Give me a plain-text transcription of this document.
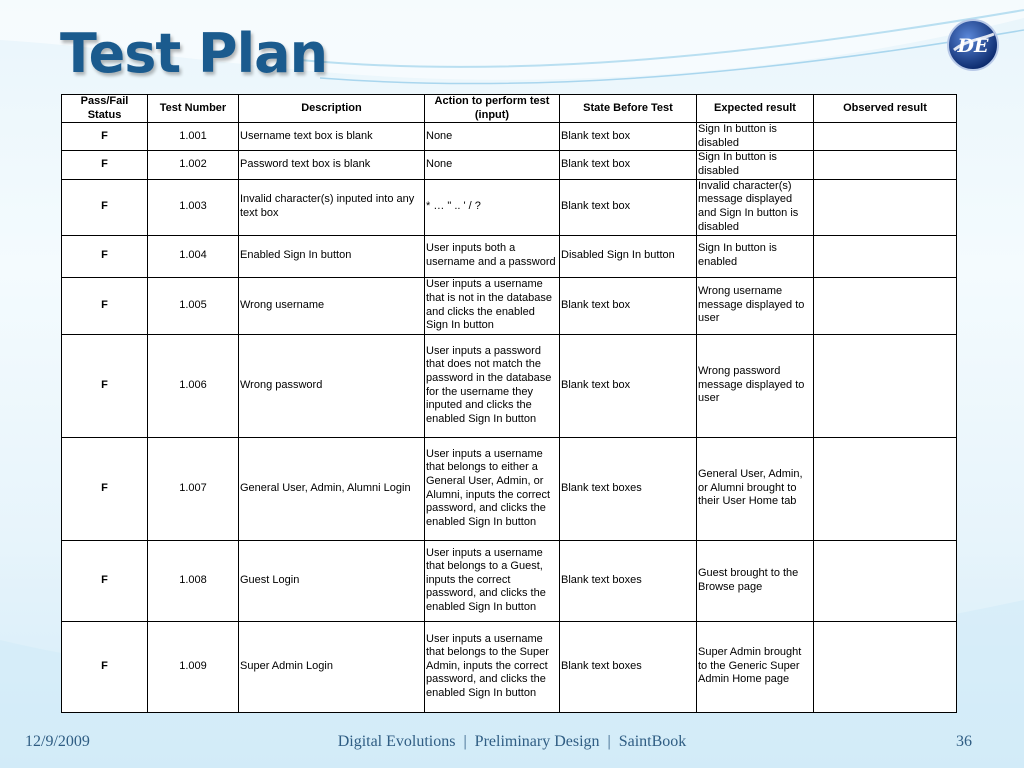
Test Plan	DE
Pass/Fail Status	Test Number	Description	Action to perform test (input)	State Before Test	Expected result	Observed result
F	1.001	Username text box is blank	None	Blank text box	Sign In button is disabled	
F	1.002	Password text box is blank	None	Blank text box	Sign In button is disabled	
F	1.003	Invalid character(s) inputed into any text box	* … " .. ' / ?	Blank text box	Invalid character(s) message displayed and Sign In button is disabled	
F	1.004	Enabled Sign In button	User inputs both a username and a password	Disabled Sign In button	Sign In button is enabled	
F	1.005	Wrong username	User inputs a username that is not in the database and clicks the enabled Sign In button	Blank text box	Wrong username message displayed to user	
F	1.006	Wrong password	User inputs a password that does not match the password in the database for the username they inputed and clicks the enabled Sign In button	Blank text box	Wrong password message displayed to user	
F	1.007	General User, Admin, Alumni Login	User inputs a username that belongs to either a General User, Admin, or Alumni, inputs the correct password, and clicks the enabled Sign In button	Blank text boxes	General User, Admin, or Alumni brought to their User Home tab	
F	1.008	Guest Login	User inputs a username that belongs to a Guest, inputs the correct password, and clicks the enabled Sign In button	Blank text boxes	Guest brought to the Browse page	
F	1.009	Super Admin Login	User inputs a username that belongs to the Super Admin, inputs the correct password, and clicks the enabled Sign In button	Blank text boxes	Super Admin brought to the Generic Super Admin Home page	
12/9/2009	Digital Evolutions  |  Preliminary Design  |  SaintBook	36
